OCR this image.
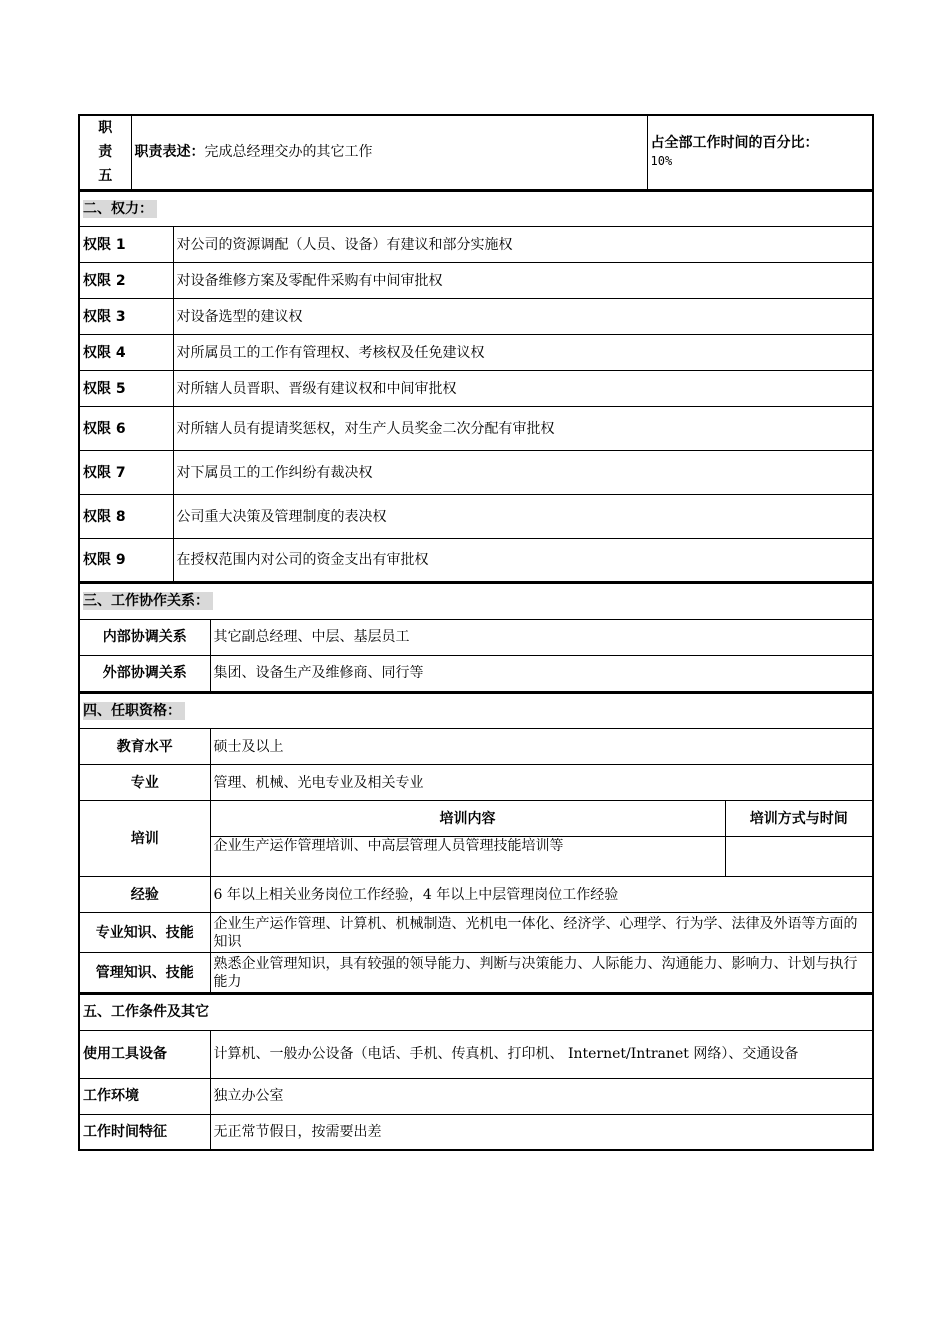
职
责
五
	职责表述：完成总经理交办的其它工作	
占全部工作时间的百分比：
10%
二、权力：	
权限 1	对公司的资源调配（人员、设备）有建议和部分实施权
权限 2	对设备维修方案及零配件采购有中间审批权
权限 3	对设备选型的建议权
权限 4	对所属员工的工作有管理权、考核权及任免建议权
权限 5	对所辖人员晋职、晋级有建议权和中间审批权
权限 6	对所辖人员有提请奖惩权，对生产人员奖金二次分配有审批权
权限 7	对下属员工的工作纠纷有裁决权
权限 8	公司重大决策及管理制度的表决权
权限 9	在授权范围内对公司的资金支出有审批权
三、工作协作关系：	
内部协调关系	其它副总经理、中层、基层员工
外部协调关系	集团、设备生产及维修商、同行等
四、任职资格：		
教育水平	硕士及以上	
专业	管理、机械、光电专业及相关专业	
培训	培训内容	培训方式与时间
	企业生产运作管理培训、中高层管理人员管理技能培训等	
经验	6 年以上相关业务岗位工作经验，4 年以上中层管理岗位工作经验	
专业知识、技能	企业生产运作管理、计算机、机械制造、光机电一体化、经济学、心理学、行为学、法律及外语等方面的知识	
管理知识、技能	熟悉企业管理知识，具有较强的领导能力、判断与决策能力、人际能力、沟通能力、影响力、计划与执行能力	
五、工作条件及其它	
使用工具设备	计算机、一般办公设备（电话、手机、传真机、打印机、 Internet/Intranet 网络）、交通设备
工作环境	独立办公室
工作时间特征	无正常节假日，按需要出差
